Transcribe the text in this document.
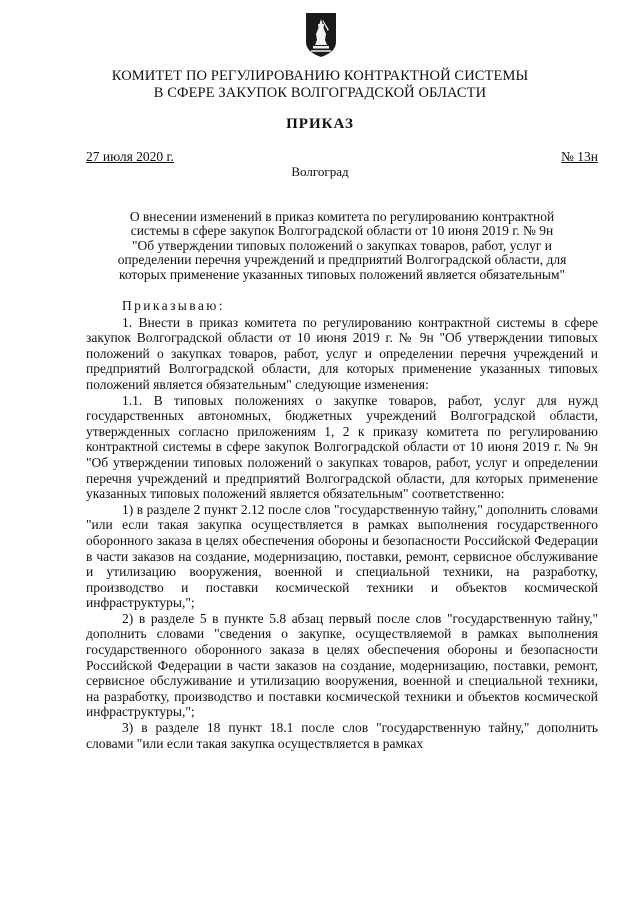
КОМИТЕТ ПО РЕГУЛИРОВАНИЮ КОНТРАКТНОЙ СИСТЕМЫ
В СФЕРЕ ЗАКУПОК ВОЛГОГРАДСКОЙ ОБЛАСТИ
ПРИКАЗ
27 июля 2020 г.	№ 13н
Волгоград
О внесении изменений в приказ комитета по регулированию контрактной
системы в сфере закупок Волгоградской области от 10 июня 2019 г. № 9н
"Об утверждении типовых положений о закупках товаров, работ, услуг и
определении перечня учреждений и предприятий Волгоградской области, для
которых применение указанных типовых положений является обязательным"

Приказываю:

1. Внести в приказ комитета по регулированию контрактной системы в сфере закупок Волгоградской области от 10 июня 2019 г. № 9н "Об утверждении типовых положений о закупках товаров, работ, услуг и определении перечня учреждений и предприятий Волгоградской области, для которых применение указанных типовых положений является обязательным" следующие изменения:

1.1. В типовых положениях о закупке товаров, работ, услуг для нужд государственных автономных, бюджетных учреждений Волгоградской области, утвержденных согласно приложениям 1, 2 к приказу комитета по регулированию контрактной системы в сфере закупок Волгоградской области от 10 июня 2019 г. № 9н "Об утверждении типовых положений о закупках товаров, работ, услуг и определении перечня учреждений и предприятий Волгоградской области, для которых применение указанных типовых положений является обязательным" соответственно:

1) в разделе 2 пункт 2.12 после слов "государственную тайну," дополнить словами "или если такая закупка осуществляется в рамках выполнения государственного оборонного заказа в целях обеспечения обороны и безопасности Российской Федерации в части заказов на создание, модернизацию, поставки, ремонт, сервисное обслуживание и утилизацию вооружения, военной и специальной техники, на разработку, производство и поставки космической техники и объектов космической инфраструктуры,";

2) в разделе 5 в пункте 5.8 абзац первый после слов "государственную тайну," дополнить словами "сведения о закупке, осуществляемой в рамках выполнения государственного оборонного заказа в целях обеспечения обороны и безопасности Российской Федерации в части заказов на создание, модернизацию, поставки, ремонт, сервисное обслуживание и утилизацию вооружения, военной и специальной техники, на разработку, производство и поставки космической техники и объектов космической инфраструктуры,";

3) в разделе 18 пункт 18.1 после слов "государственную тайну," дополнить словами "или если такая закупка осуществляется в рамках
